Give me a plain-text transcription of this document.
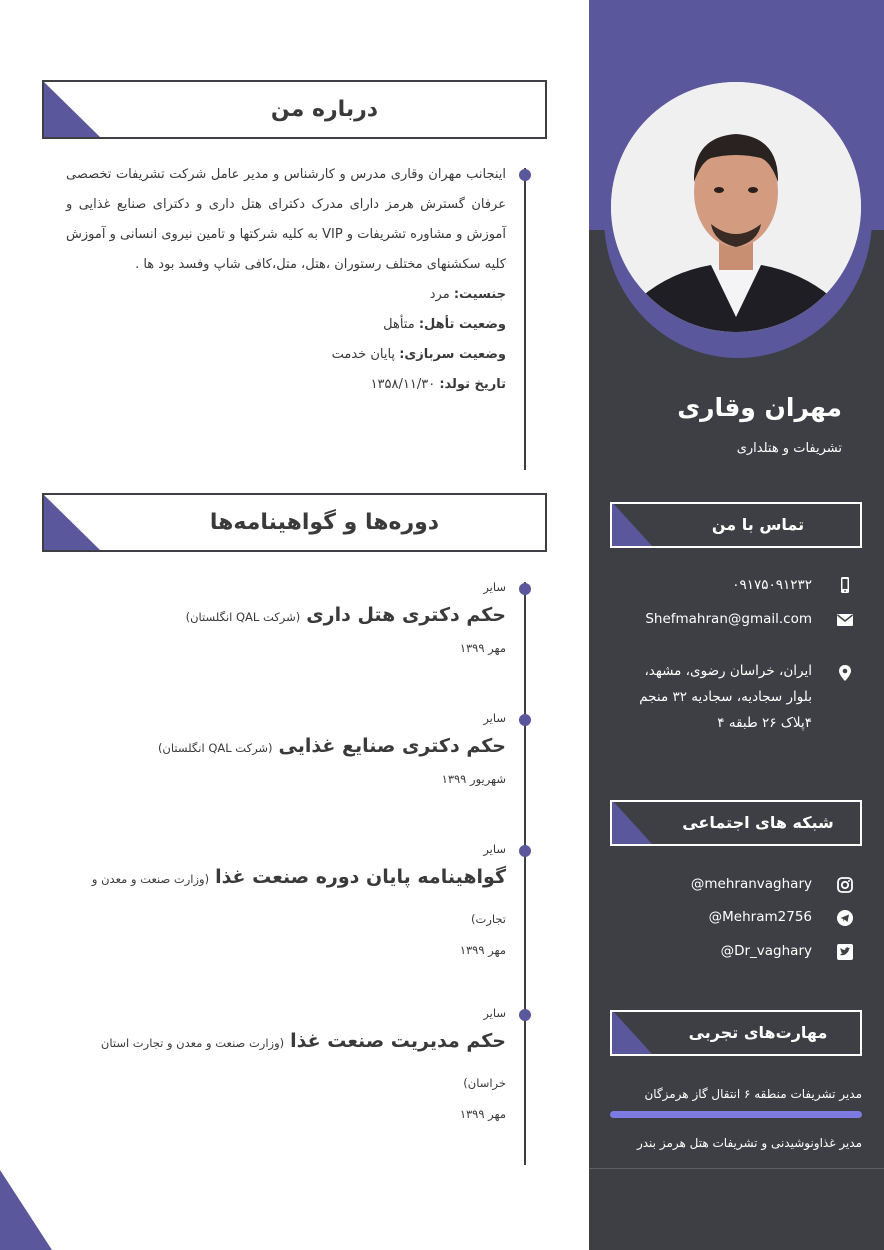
مهران وقاری
تشریفات و هتلداری
تماس با من
۰۹۱۷۵۰۹۱۲۳۲
Shefmahran@gmail.com
ایران، خراسان رضوی، مشهد، بلوار سجادیه، سجادیه ۳۲ منجم ۴پلاک ۲۶ طبقه ۴
شبکه های اجتماعی
@mehranvaghary
@Mehram2756
@Dr_vaghary
مهارت‌های تجربی
مدیر تشریفات منطقه ۶ انتقال گاز هرمزگان
مدیر غذاونوشیدنی و تشریفات هتل هرمز بندر
درباره من

اینجانب مهران وقاری مدرس و کارشناس و مدیر عامل شرکت تشریفات تخصصی عرفان گسترش هرمز دارای مدرک دکترای هتل داری و دکترای صنایع غذایی و آموزش و مشاوره تشریفات و VIP به کلیه شرکتها و تامین نیروی انسانی و آموزش کلیه سکشنهای مختلف رستوران ،هتل، متل،کافی شاپ وفسد بود ها .

جنسیت: مرد

وضعیت تأهل: متأهل

وضعیت سربازی: پایان خدمت

تاریخ تولد: ۱۳۵۸/۱۱/۳۰

دوره‌ها و گواهینامه‌ها
سایر
حکم دکتری هتل داری(شرکت QAL انگلستان)
مهر ۱۳۹۹
سایر
حکم دکتری صنایع غذایی(شرکت QAL انگلستان)
شهریور ۱۳۹۹
سایر
گواهینامه پایان دوره صنعت غذا(وزارت صنعت و معدن و تجارت)
مهر ۱۳۹۹
سایر
حکم مدیریت صنعت غذا(وزارت صنعت و معدن و تجارت استان خراسان)
مهر ۱۳۹۹
